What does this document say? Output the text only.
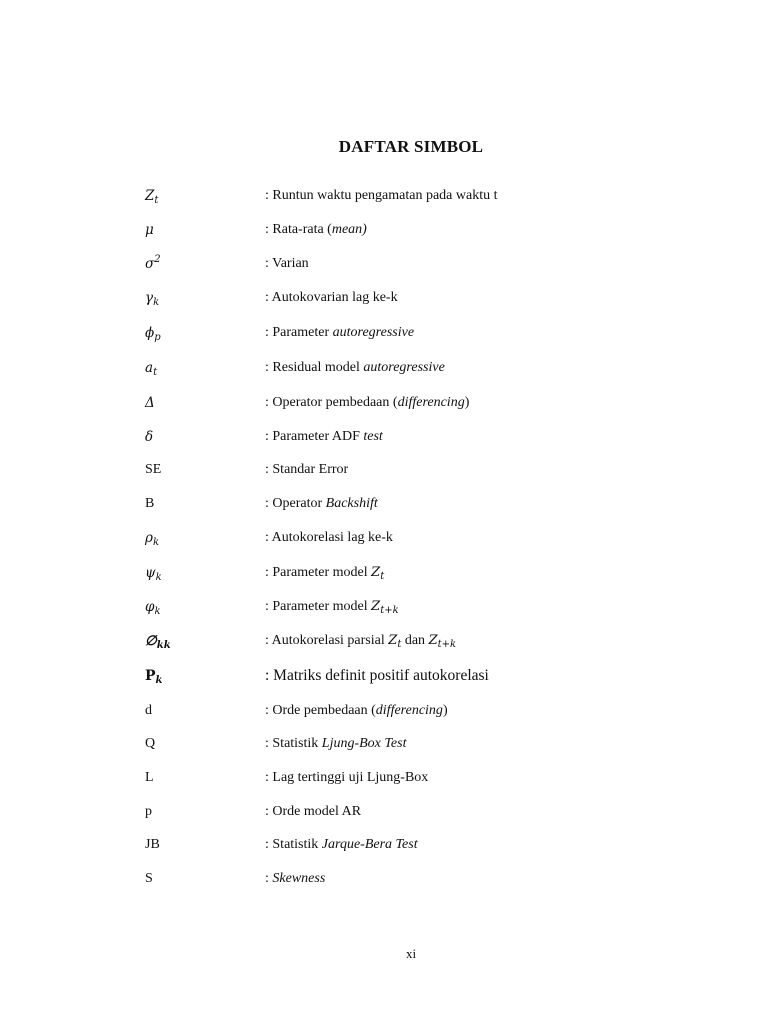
DAFTAR SIMBOL
$Z_t$	: Runtun waktu pengamatan pada waktu t
μ	: Rata-rata (mean)
$\sigma^2$	: Varian
$\gamma_k$	: Autokovarian lag ke-k
$\phi_p$	: Parameter autoregressive
$a_t$	: Residual model autoregressive
Δ	: Operator pembedaan (differencing)
δ	: Parameter ADF test
SE	: Standar Error
B	: Operator Backshift
$\rho_k$	: Autokorelasi lag ke-k
$\psi_k$	: Parameter model $Z_t$
$\varphi_k$	: Parameter model $Z_{t+k}$
$\emptyset_{kk}$	: Autokorelasi parsial $Z_t$ dan $Z_{t+k}$
$P_k$	: Matriks definit positif autokorelasi
d	: Orde pembedaan (differencing)
Q	: Statistik Ljung-Box Test
L	: Lag tertinggi uji Ljung-Box
p	: Orde model AR
JB	: Statistik Jarque-Bera Test
S	: Skewness
xi
